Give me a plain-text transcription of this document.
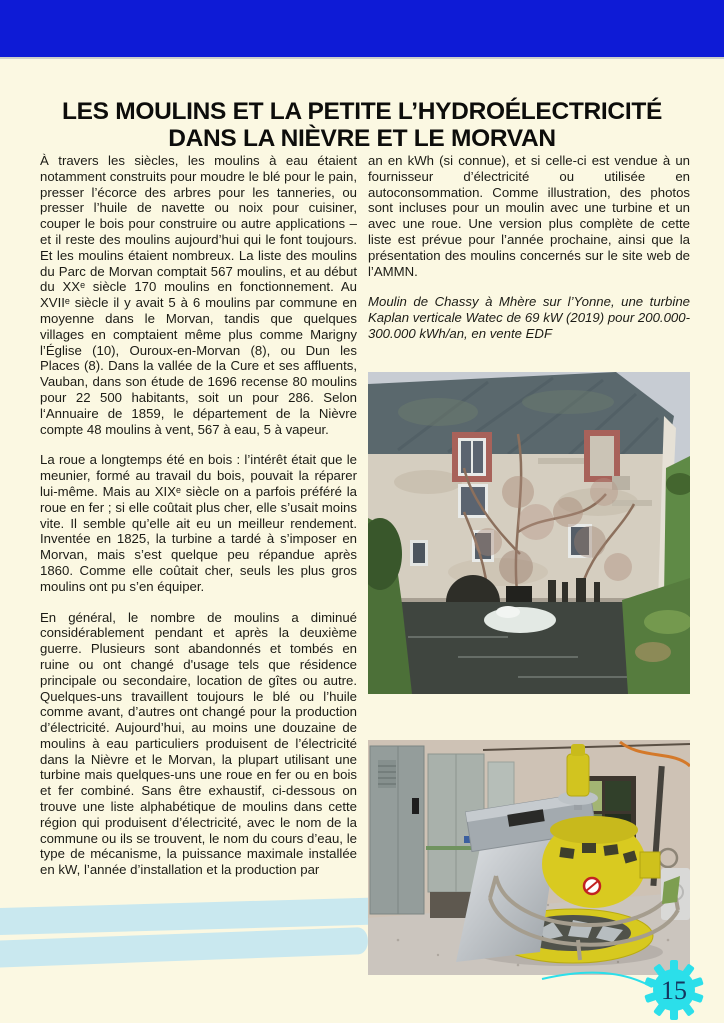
LES MOULINS ET LA PETITE L’HYDROÉLECTRICITÉ DANS LA NIÈVRE ET LE MORVAN

À travers les siècles, les moulins à eau étaient notamment construits pour moudre le blé pour le pain, presser l’écorce des arbres pour les tanneries, ou presser l’huile de navette ou noix pour cuisiner, couper le bois pour construire ou autre applications – et il reste des moulins aujourd’hui qui le font toujours. Et les moulins étaient nombreux. La liste des moulins du Parc de Morvan comptait 567 moulins, et au début du XXᵉ siècle 170 moulins en fonctionnement. Au XVIIᵉ siècle il y avait 5 à 6 moulins par commune en moyenne dans le Morvan, tandis que quelques villages en comptaient même plus comme Marigny l’Église (10), Ouroux-en-Morvan (8), ou Dun les Places (8). Dans la vallée de la Cure et ses affluents, Vauban, dans son étude de 1696 recense 80 moulins pour 22 500 habitants, soit un pour 286. Selon l‘Annuaire de 1859, le département de la Nièvre compte 48 moulins à vent, 567 à eau, 5 à vapeur.

La roue a longtemps été en bois : l’intérêt était que le meunier, formé au travail du bois, pouvait la réparer lui-même. Mais au XIXᵉ siècle on a parfois préféré la roue en fer ; si elle coûtait plus cher, elle s’usait moins vite. Il semble qu’elle ait eu un meilleur rendement. Inventée en 1825, la turbine a tardé à s’imposer en Morvan, mais s’est quelque peu répandue après 1860. Comme elle coûtait cher, seuls les plus gros moulins ont pu s’en équiper.

En général, le nombre de moulins a diminué considérablement pendant et après la deuxième guerre. Plusieurs sont abandonnés et tombés en ruine ou ont changé d'usage tels que résidence principale ou secondaire, location de gîtes ou autre. Quelques-uns travaillent toujours le blé ou l’huile comme avant, d’autres ont changé pour la production d’électricité. Aujourd’hui, au moins une douzaine de moulins à eau particuliers produisent de l’électricité dans la Nièvre et le Morvan, la plupart utilisant une turbine mais quelques-uns une roue en fer ou en bois et fer combiné. Sans être exhaustif, ci-dessous on trouve une liste alphabétique de moulins dans cette région qui produisent d’électricité, avec le nom de la commune ou ils se trouvent, le nom du cours d’eau, le type de mécanisme, la puissance maximale installée en kW, l’année d’installation et la production par

an en kWh (si connue), et si celle-ci est vendue à un fournisseur d’électricité ou utilisée en autoconsommation. Comme illustration, des photos sont incluses pour un moulin avec une turbine et un avec une roue. Une version plus complète de cette liste est prévue pour l’année prochaine, ainsi que la présentation des moulins concernés sur le site web de l’AMMN.

Moulin de Chassy à Mhère sur l’Yonne, une turbine Kaplan verticale Watec de 69 kW (2019) pour 200.000-300.000 kWh/an, en vente EDF

15
